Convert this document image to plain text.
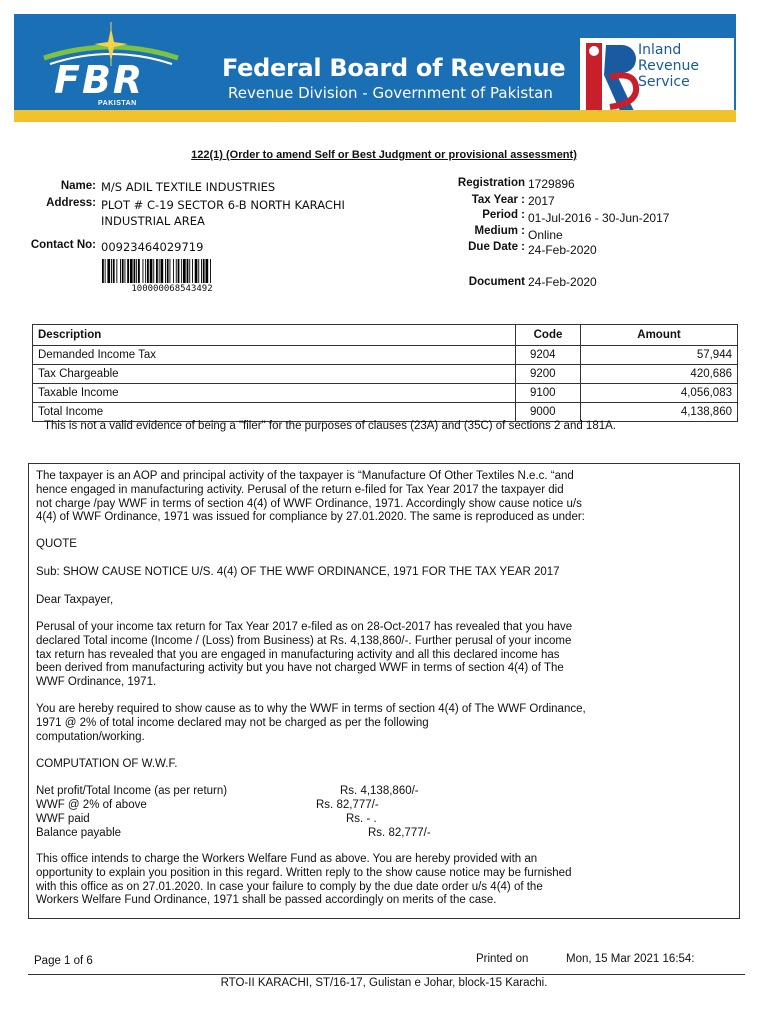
FBR
PAKISTAN
Federal Board of Revenue
Revenue Division - Government of Pakistan
Inland
Revenue
Service
122(1) (Order to amend Self or Best Judgment or provisional assessment)
Name: M/S ADIL TEXTILE INDUSTRIES
Address: PLOT # C-19 SECTOR 6-B NORTH KARACHI
INDUSTRIAL AREA
Contact No: 00923464029719
100000068543492
Registration 1729896
Tax Year : 2017
Period : 01-Jul-2016 - 30-Jun-2017
Medium : Online
Due Date : 24-Feb-2020
Document 24-Feb-2020
Description	Code	Amount
Demanded Income Tax	9204	57,944
Tax Chargeable	9200	420,686
Taxable Income	9100	4,056,083
Total Income	9000	4,138,860
This is not a valid evidence of being a "filer" for the purposes of clauses (23A) and (35C) of sections 2 and 181A.
The taxpayer is an AOP and principal activity of the taxpayer is “Manufacture Of Other Textiles N.e.c. “and
hence engaged in manufacturing activity. Perusal of the return e-filed for Tax Year 2017 the taxpayer did
not charge /pay WWF in terms of section 4(4) of WWF Ordinance, 1971. Accordingly show cause notice u/s
4(4) of WWF Ordinance, 1971 was issued for compliance by 27.01.2020. The same is reproduced as under:
QUOTE
Sub: SHOW CAUSE NOTICE U/S. 4(4) OF THE WWF ORDINANCE, 1971 FOR THE TAX YEAR 2017
Dear Taxpayer,
Perusal of your income tax return for Tax Year 2017 e-filed as on 28-Oct-2017 has revealed that you have
declared Total income (Income / (Loss) from Business) at Rs. 4,138,860/-. Further perusal of your income
tax return has revealed that you are engaged in manufacturing activity and all this declared income has
been derived from manufacturing activity but you have not charged WWF in terms of section 4(4) of The
WWF Ordinance, 1971.
You are hereby required to show cause as to why the WWF in terms of section 4(4) of The WWF Ordinance,
1971 @ 2% of total income declared may not be charged as per the following
computation/working.
COMPUTATION OF W.W.F.
Net profit/Total Income (as per return)	Rs. 4,138,860/-
WWF @ 2% of above	Rs. 82,777/-
WWF paid	Rs. - .
Balance payable	Rs. 82,777/-
This office intends to charge the Workers Welfare Fund as above. You are hereby provided with an
opportunity to explain you position in this regard. Written reply to the show cause notice may be furnished
with this office as on 27.01.2020. In case your failure to comply by the due date order u/s 4(4) of the
Workers Welfare Fund Ordinance, 1971 shall be passed accordingly on merits of the case.
Page 1 of 6	Printed on	Mon, 15 Mar 2021 16:54:
RTO-II KARACHI, ST/16-17, Gulistan e Johar, block-15 Karachi.
